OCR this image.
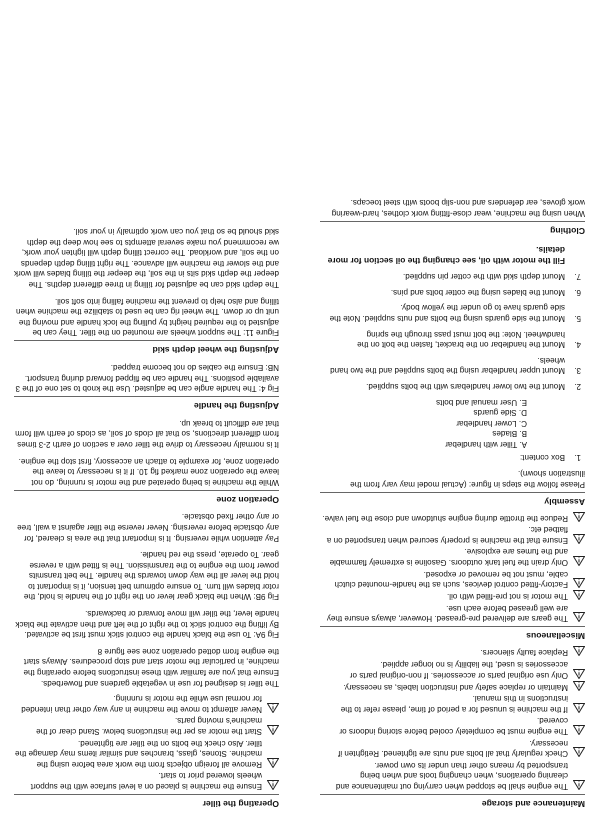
Maintenance and storage
The engine shall be stopped when carrying out maintenance and cleaning operations, when changing tools and when being transported by means other than under its own power.
Check regularly that all bolts and nuts are tightened. Retighten if necessary.
The engine must be completely cooled before storing indoors or covered.
If the machine is unused for a period of time, please refer to the instructions in this manual.
Maintain or replace safety and instruction labels, as necessary.
Only use original parts or accessories. If non-original parts or accessories is used, the liability is no longer applied.
Replace faulty silencers.
Miscellaneous
The gears are delivered pre-greased. However, always ensure they are well greased before each use.
The motor is not pre-filled with oil.
Factory-fitted control devices, such as the handle-mounted clutch cable, must not be removed or exposed.
Only drain the fuel tank outdoors. Gasoline is extremely flammable and the fumes are explosive.
Ensure that the machine is properly secured when transported on a flatbed etc.
Reduce the throttle during engine shutdown and close the fuel valve.
Assembly

Please follow the steps in figure: (Actual model may vary from the illustration shown).

1.
Box content:
A. Tiller with handlebar
B. Blades
C. Lower handlebar
D. Side guards
E. User manual and bolts
2.
Mount the two lower handlebars with the bolts supplied.
3.
Mount upper handlebar using the bolts supplied and the two hand wheels.
4.
Mount the handlebar on the bracket, fasten the bolt on the handwheel. Note: the bolt must pass through the spring
5.
Mount the side guards using the bolts and nuts supplied. Note the side guards have to go under the yellow body.
6.
Mount the blades using the cotter bolts and pins.
7.
Mount depth skid with the cotter pin supplied.
Fill the motor with oil, see changing the oil section for more details.
Clothing

When using the machine, wear close-fitting work clothes, hard-wearing work gloves, ear defenders and non-slip boots with steel toecaps.

Operating the tiller
Ensure the machine is placed on a level surface with the support wheels lowered prior to start.
Remove all foreign objects from the work area before using the machine. Stones, glass, branches and similar items may damage the tiller. Also check the bolts on the tiller are tightened.
Start the motor as per the instructions below. Stand clear of the machine's moving parts.
Never attempt to move the machine in any way other than intended for normal use while the motor is running.

The tiller is designed for use in vegetable gardens and flowerbeds. Ensure that you are familiar with these instructions before operating the machine, in particular the motor start and stop procedures. Always start the engine from dotted operation zone see figure 8

Fig 9A: To use the black handle the control stick must first be activated. By lifting the control stick to the right of the left and then activate the black handle lever, the tiller will move forward or backwards.

Fig 9B: When the black gear lever on the right of the handle is hold, the rotor blades will turn. To ensure optimum belt tension, it is important to hold the lever all the way down towards the handle. The belt transmits power from the engine to the transmission. The is fitted with a reverse gear. To operate, press the red handle.

Pay attention while reversing. It is important that the area is cleared, for any obstacle before reversing. Never reverse the tiller against a wall, tree or any other fixed obstacle.

Operation zone

While the machine is being operated and the motor is running, do not leave the operation zone marked fig 10. If it is necessary to leave the operation zone, for example to attach an accessory, first stop the engine.

It is normally necessary to drive the tiller over a section of earth 2-3 times from different directions, so that all clods of soil, as clods of earth will form that are difficult to break up.

Adjusting the handle

Fig 4: The handle angle can be adjusted. Use the knob to set one of the 3 available positions. The handle can be flipped forward during transport. NB: Ensure the cables do not become trapped.

Adjusting the wheel depth skid

Figure 11: The support wheels are mounted on the tiller. They can be adjusted to the required height by pulling the lock handle and moving the unit up or down. The wheel rig can be used to stabilize the machine when tilling and also help to prevent the machine falling into soft soil.

The depth skid can be adjusted for tilling in three different depths. The deeper the depth skid sits in the soil, the deeper the tilling blades will work and the slower the machine will advance. The right tilling depth depends on the soil, and workload. The correct tilling depth will lighten your work, we recommend you make several attempts to see how deep the depth skid should be so that you can work optimally in your soil.
